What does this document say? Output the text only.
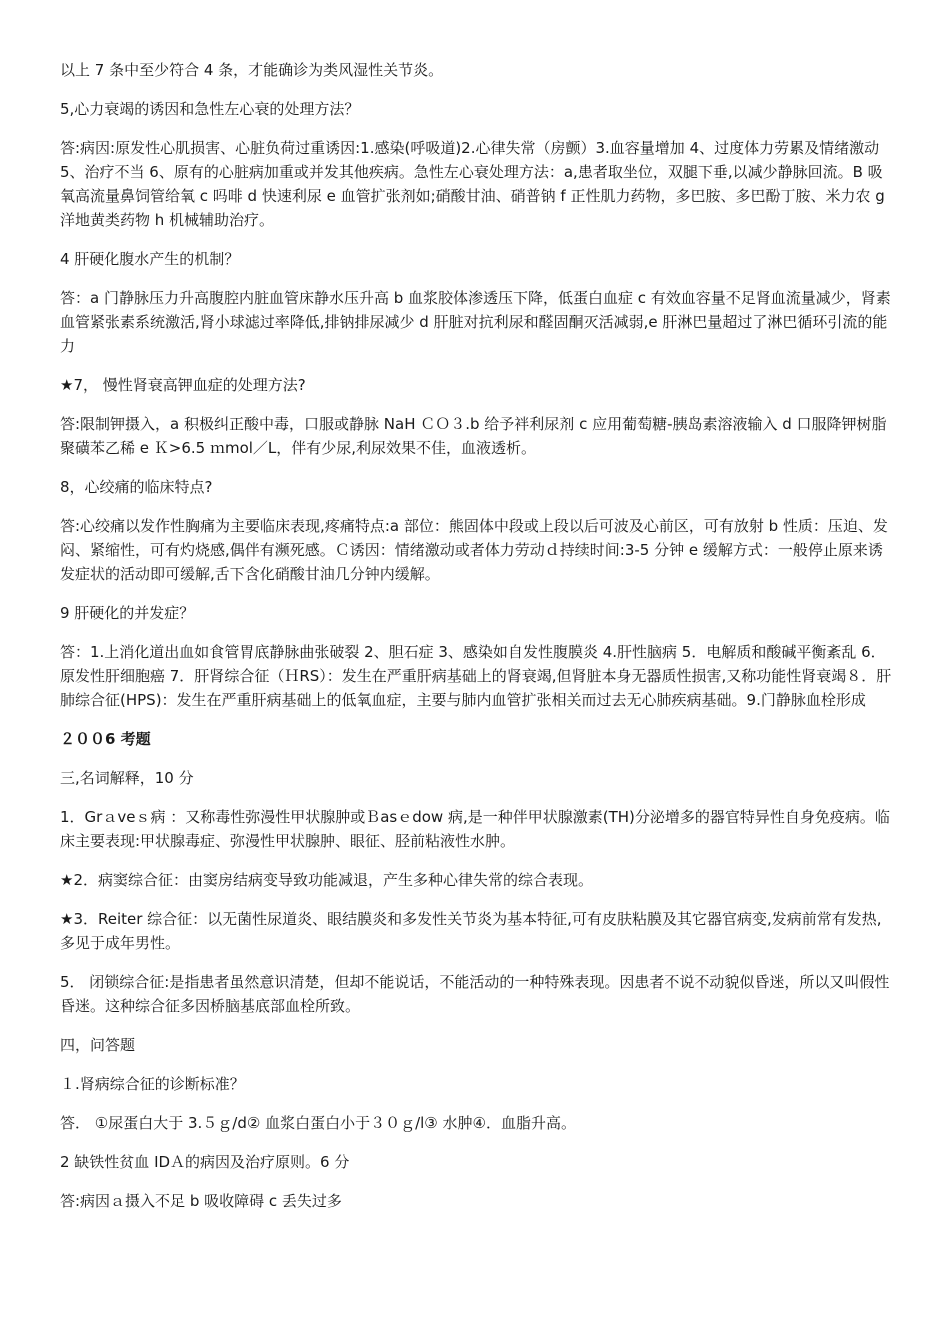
以上 7 条中至少符合 4 条，才能确诊为类风湿性关节炎。

5,心力衰竭的诱因和急性左心衰的处理方法？

答:病因:原发性心肌损害、心脏负荷过重诱因:1.感染(呼吸道)2.心律失常（房颤）3.血容量增加 4、过度体力劳累及情绪激动 5、治疗不当 6、原有的心脏病加重或并发其他疾病。急性左心衰处理方法：a,患者取坐位，双腿下垂,以减少静脉回流。B 吸氧高流量鼻饲管给氧 c 吗啡 d 快速利尿 e 血管扩张剂如;硝酸甘油、硝普钠 f 正性肌力药物，多巴胺、多巴酚丁胺、米力农 g 洋地黄类药物 h 机械辅助治疗。

4 肝硬化腹水产生的机制？

答：a 门静脉压力升高腹腔内脏血管床静水压升高 b 血浆胶体渗透压下降，低蛋白血症 c 有效血容量不足肾血流量减少，肾素血管紧张素系统激活,肾小球滤过率降低,排钠排尿减少 d 肝脏对抗利尿和醛固酮灭活减弱,e 肝淋巴量超过了淋巴循环引流的能力

★7， 慢性肾衰高钾血症的处理方法?

答:限制钾摄入，a 积极纠正酸中毒，口服或静脉 NaH ＣＯ３.b 给予袢利尿剂 c 应用葡萄糖-胰岛素溶液输入 d 口服降钾树脂聚磺苯乙稀 e Ｋ>6.5 ｍmol／L，伴有少尿,利尿效果不佳，血液透析。

8，心绞痛的临床特点?

答:心绞痛以发作性胸痛为主要临床表现,疼痛特点:a 部位：熊固体中段或上段以后可波及心前区，可有放射 b 性质：压迫、发闷、紧缩性，可有灼烧感,偶伴有濒死感。Ｃ诱因：情绪激动或者体力劳动ｄ持续时间:3-5 分钟 e 缓解方式：一般停止原来诱发症状的活动即可缓解,舌下含化硝酸甘油几分钟内缓解。

9 肝硬化的并发症？

答：1.上消化道出血如食管胃底静脉曲张破裂 2、胆石症 3、感染如自发性腹膜炎 4.肝性脑病 5．电解质和酸碱平衡紊乱 6．原发性肝细胞癌 7．肝肾综合征（ＨRS）：发生在严重肝病基础上的肾衰竭,但肾脏本身无器质性损害,又称功能性肾衰竭８．肝肺综合征(HPS)：发生在严重肝病基础上的低氧血症，主要与肺内血管扩张相关而过去无心肺疾病基础。9.门静脉血栓形成

２００6 考题

三,名词解释，10 分

1．Grａveｓ病 ：又称毒性弥漫性甲状腺肿或Ｂasｅdow 病,是一种伴甲状腺激素(TH)分泌增多的器官特异性自身免疫病。临床主要表现:甲状腺毒症、弥漫性甲状腺肿、眼征、胫前粘液性水肿。

★2．病窦综合征：由窦房结病变导致功能减退，产生多种心律失常的综合表现。

★3．Reiter 综合征：以无菌性尿道炎、眼结膜炎和多发性关节炎为基本特征,可有皮肤粘膜及其它器官病变,发病前常有发热,多见于成年男性。

5． 闭锁综合征:是指患者虽然意识清楚，但却不能说话，不能活动的一种特殊表现。因患者不说不动貌似昏迷，所以又叫假性昏迷。这种综合征多因桥脑基底部血栓所致。

四，问答题

１.肾病综合征的诊断标准？

答． ①尿蛋白大于 3.５ｇ/d② 血浆白蛋白小于３０ｇ/l③ 水肿④．血脂升高。

2 缺铁性贫血 IDＡ的病因及治疗原则。6 分

答:病因ａ摄入不足 b 吸收障碍 c 丢失过多
